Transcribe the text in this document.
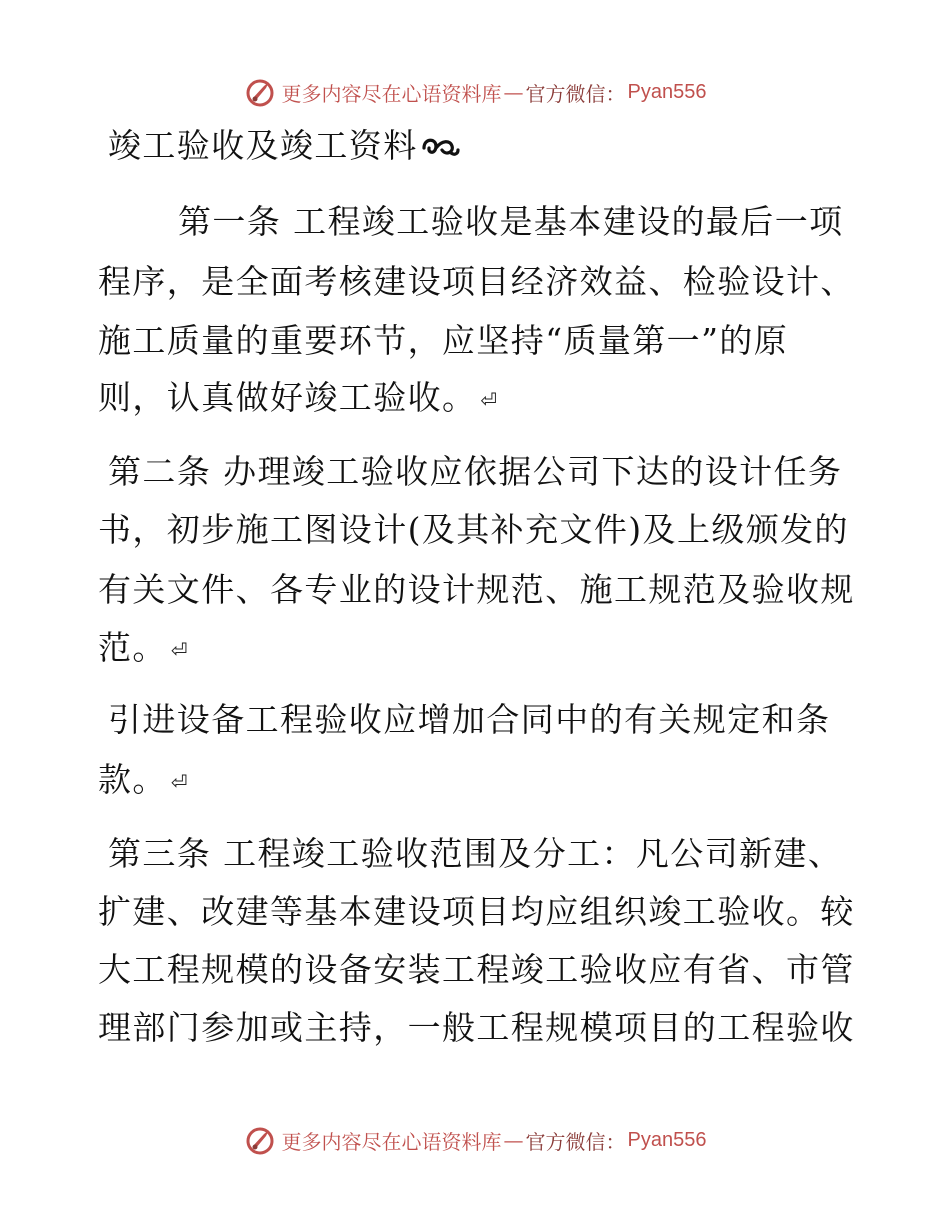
更多内容尽在心语资料库 — 官方微信： Pyan556
竣工验收及竣工资料
第一条 工程竣工验收是基本建设的最后一项
程序，是全面考核建设项目经济效益、检验设计、
施工质量的重要环节，应坚持“质量第一”的原
则，认真做好竣工验收。 ⏎
第二条 办理竣工验收应依据公司下达的设计任务
书，初步施工图设计(及其补充文件)及上级颁发的
有关文件、各专业的设计规范、施工规范及验收规
范。 ⏎
引进设备工程验收应增加合同中的有关规定和条
款。 ⏎
第三条 工程竣工验收范围及分工：凡公司新建、
扩建、改建等基本建设项目均应组织竣工验收。较
大工程规模的设备安装工程竣工验收应有省、市管
理部门参加或主持，一般工程规模项目的工程验收
更多内容尽在心语资料库 — 官方微信： Pyan556
